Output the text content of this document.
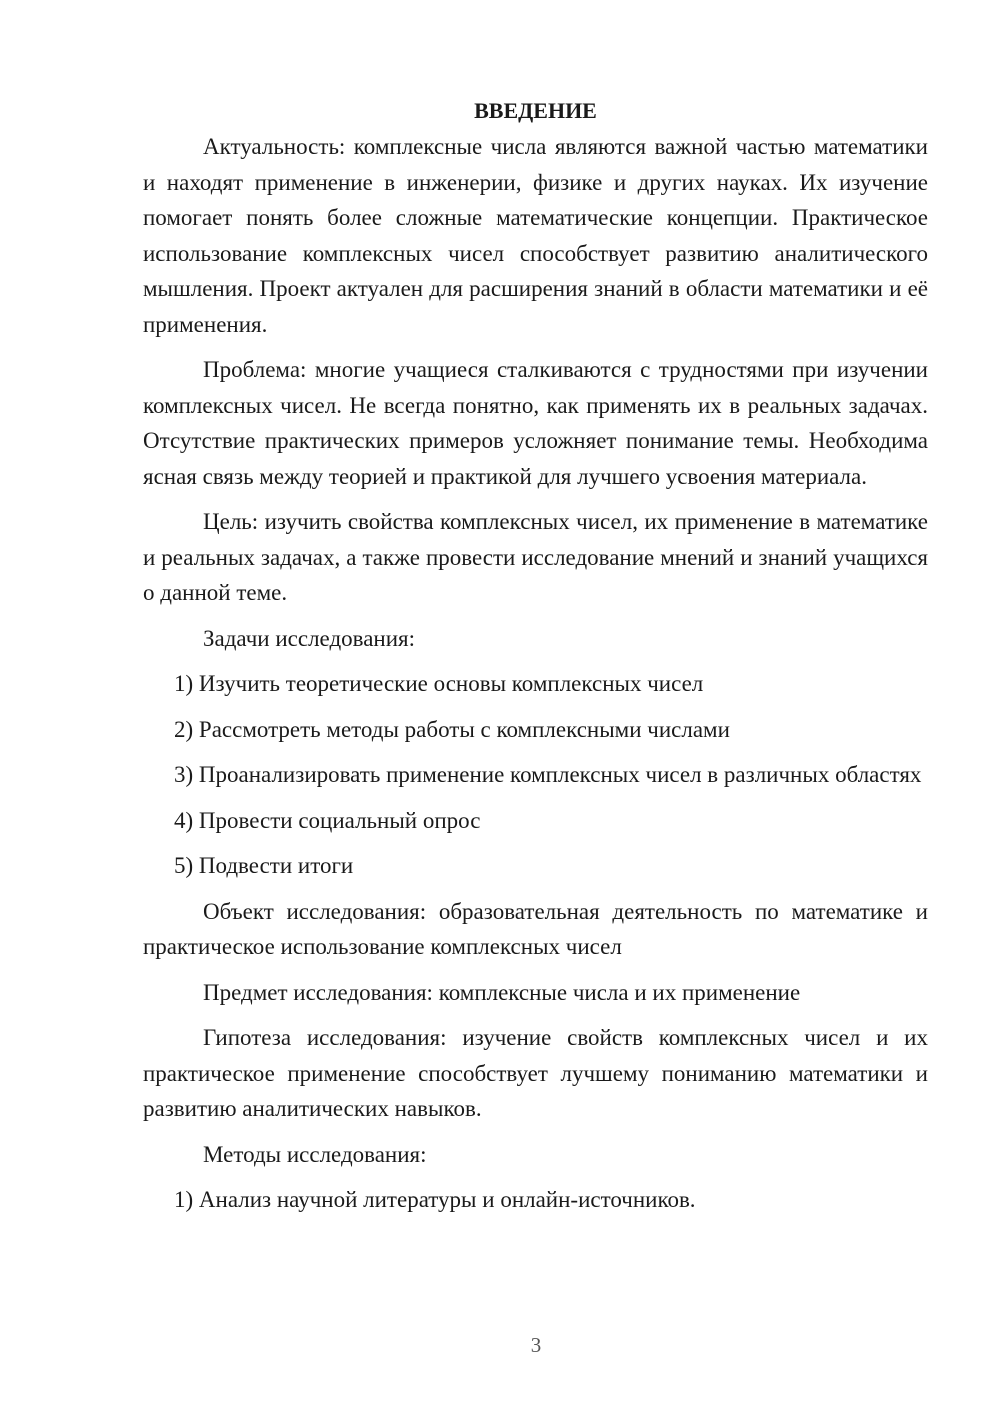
ВВЕДЕНИЕ
Актуальность: комплексные числа являются важной частью математики и находят применение в инженерии, физике и других науках. Их изучение помогает понять более сложные математические концепции. Практическое использование комплексных чисел способствует развитию аналитического мышления. Проект актуален для расширения знаний в области математики и её применения.
Проблема: многие учащиеся сталкиваются с трудностями при изучении комплексных чисел. Не всегда понятно, как применять их в реальных задачах. Отсутствие практических примеров усложняет понимание темы. Необходима ясная связь между теорией и практикой для лучшего усвоения материала.
Цель: изучить свойства комплексных чисел, их применение в математике и реальных задачах, а также провести исследование мнений и знаний учащихся о данной теме.
Задачи исследования:
1) Изучить теоретические основы комплексных чисел
2) Рассмотреть методы работы с комплексными числами
3) Проанализировать применение комплексных чисел в различных областях
4) Провести социальный опрос
5) Подвести итоги
Объект исследования: образовательная деятельность по математике и практическое использование комплексных чисел
Предмет исследования: комплексные числа и их применение
Гипотеза исследования: изучение свойств комплексных чисел и их практическое применение способствует лучшему пониманию математики и развитию аналитических навыков.
Методы исследования:
1) Анализ научной литературы и онлайн-источников.
3
